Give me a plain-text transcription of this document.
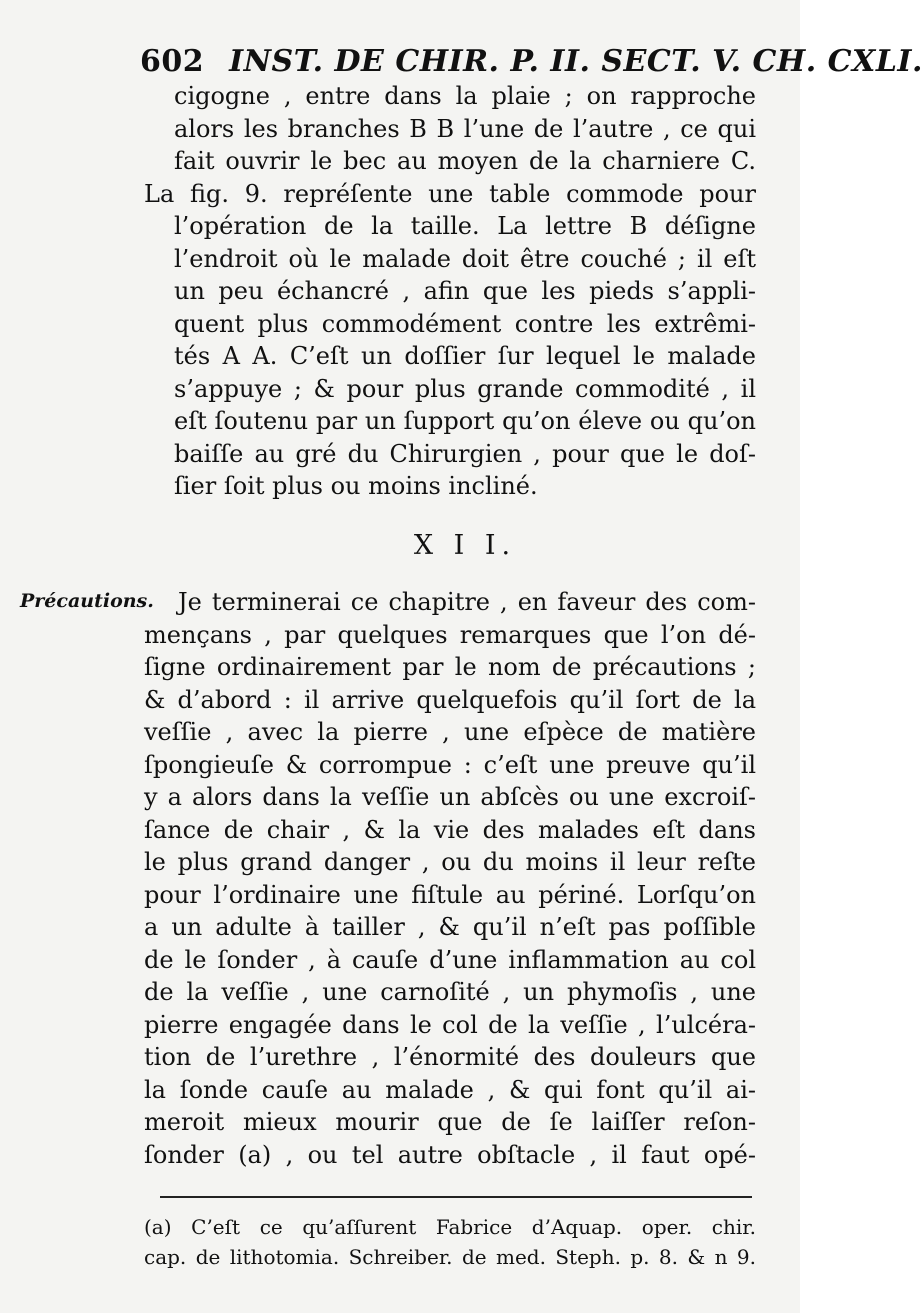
602 INST. DE CHIR. P. II. SECT. V. CH. CXLI.
cigogne , entre dans la plaie ; on rapproche
alors les branches B B l’une de l’autre , ce qui
fait ouvrir le bec au moyen de la charniere C.
La fig. 9. repréſente une table commode pour
l’opération de la taille. La lettre B déſigne
l’endroit où le malade doit être couché ; il eſt
un peu échancré , afin que les pieds s’appli-
quent plus commodément contre les extrêmi-
tés A A. C’eſt un doſſier ſur lequel le malade
s’appuye ; & pour plus grande commodité , il
eſt ſoutenu par un ſupport qu’on éleve ou qu’on
baiſſe au gré du Chirurgien , pour que le doſ-
ſier ſoit plus ou moins incliné.
X I I.
Précautions.	Je terminerai ce chapitre , en faveur des com-
mençans , par quelques remarques que l’on dé-
ſigne ordinairement par le nom de précautions ;
& d’abord : il arrive quelquefois qu’il ſort de la
veſſie , avec la pierre , une eſpèce de matière
ſpongieuſe & corrompue : c’eſt une preuve qu’il
y a alors dans la veſſie un abſcès ou une excroiſ-
ſance de chair , & la vie des malades eſt dans
le plus grand danger , ou du moins il leur reſte
pour l’ordinaire une fiſtule au périné. Lorſqu’on
a un adulte à tailler , & qu’il n’eſt pas poſſible
de le ſonder , à cauſe d’une inflammation au col
de la veſſie , une carnoſité , un phymoſis , une
pierre engagée dans le col de la veſſie , l’ulcéra-
tion de l’urethre , l’énormité des douleurs que
la ſonde cauſe au malade , & qui font qu’il ai-
meroit mieux mourir que de ſe laiſſer reſon-
ſonder (a) , ou tel autre obſtacle , il faut opé-
(a) C’eſt ce qu’aſſurent Fabrice d’Aquap. oper. chir.
cap. de lithotomia. Schreiber. de med. Steph. p. 8. & n 9.
